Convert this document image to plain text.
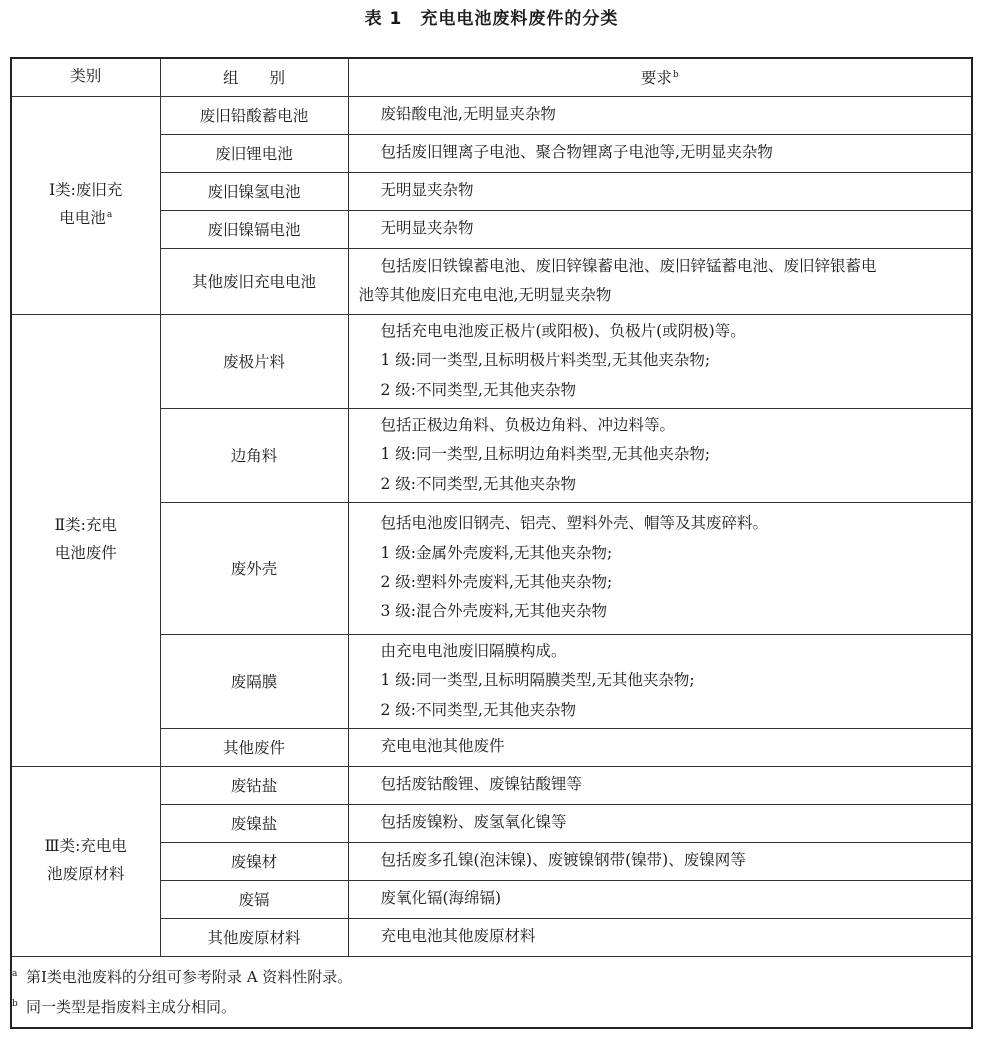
表 1　充电电池废料废件的分类
类别	组　　别	要求$^b$

Ⅰ类:废旧充
电电池$^a$	废旧铅酸蓄电池	废铅酸电池,无明显夹杂物

	废旧锂电池	包括废旧锂离子电池、聚合物锂离子电池等,无明显夹杂物

	废旧镍氢电池	无明显夹杂物

	废旧镍镉电池	无明显夹杂物

	其他废旧充电电池	包括废旧铁镍蓄电池、废旧锌镍蓄电池、废旧锌锰蓄电池、废旧锌银蓄电
池等其他废旧充电电池,无明显夹杂物

Ⅱ类:充电
电池废件	废极片料	包括充电电池废正极片(或阳极)、负极片(或阴极)等。
1 级:同一类型,且标明极片料类型,无其他夹杂物;
2 级:不同类型,无其他夹杂物

	边角料	包括正极边角料、负极边角料、冲边料等。
1 级:同一类型,且标明边角料类型,无其他夹杂物;
2 级:不同类型,无其他夹杂物

	废外壳	包括电池废旧钢壳、铝壳、塑料外壳、帽等及其废碎料。
1 级:金属外壳废料,无其他夹杂物;
2 级:塑料外壳废料,无其他夹杂物;
3 级:混合外壳废料,无其他夹杂物

	废隔膜	由充电电池废旧隔膜构成。
1 级:同一类型,且标明隔膜类型,无其他夹杂物;
2 级:不同类型,无其他夹杂物

	其他废件	充电电池其他废件

Ⅲ类:充电电
池废原材料	废钴盐	包括废钴酸锂、废镍钴酸锂等

	废镍盐	包括废镍粉、废氢氧化镍等

	废镍材	包括废多孔镍(泡沫镍)、废镀镍钢带(镍带)、废镍网等

	废镉	废氧化镉(海绵镉)

	其他废原材料	充电电池其他废原材料

a 第Ⅰ类电池废料的分组可参考附录 A 资料性附录。
b 同一类型是指废料主成分相同。		
